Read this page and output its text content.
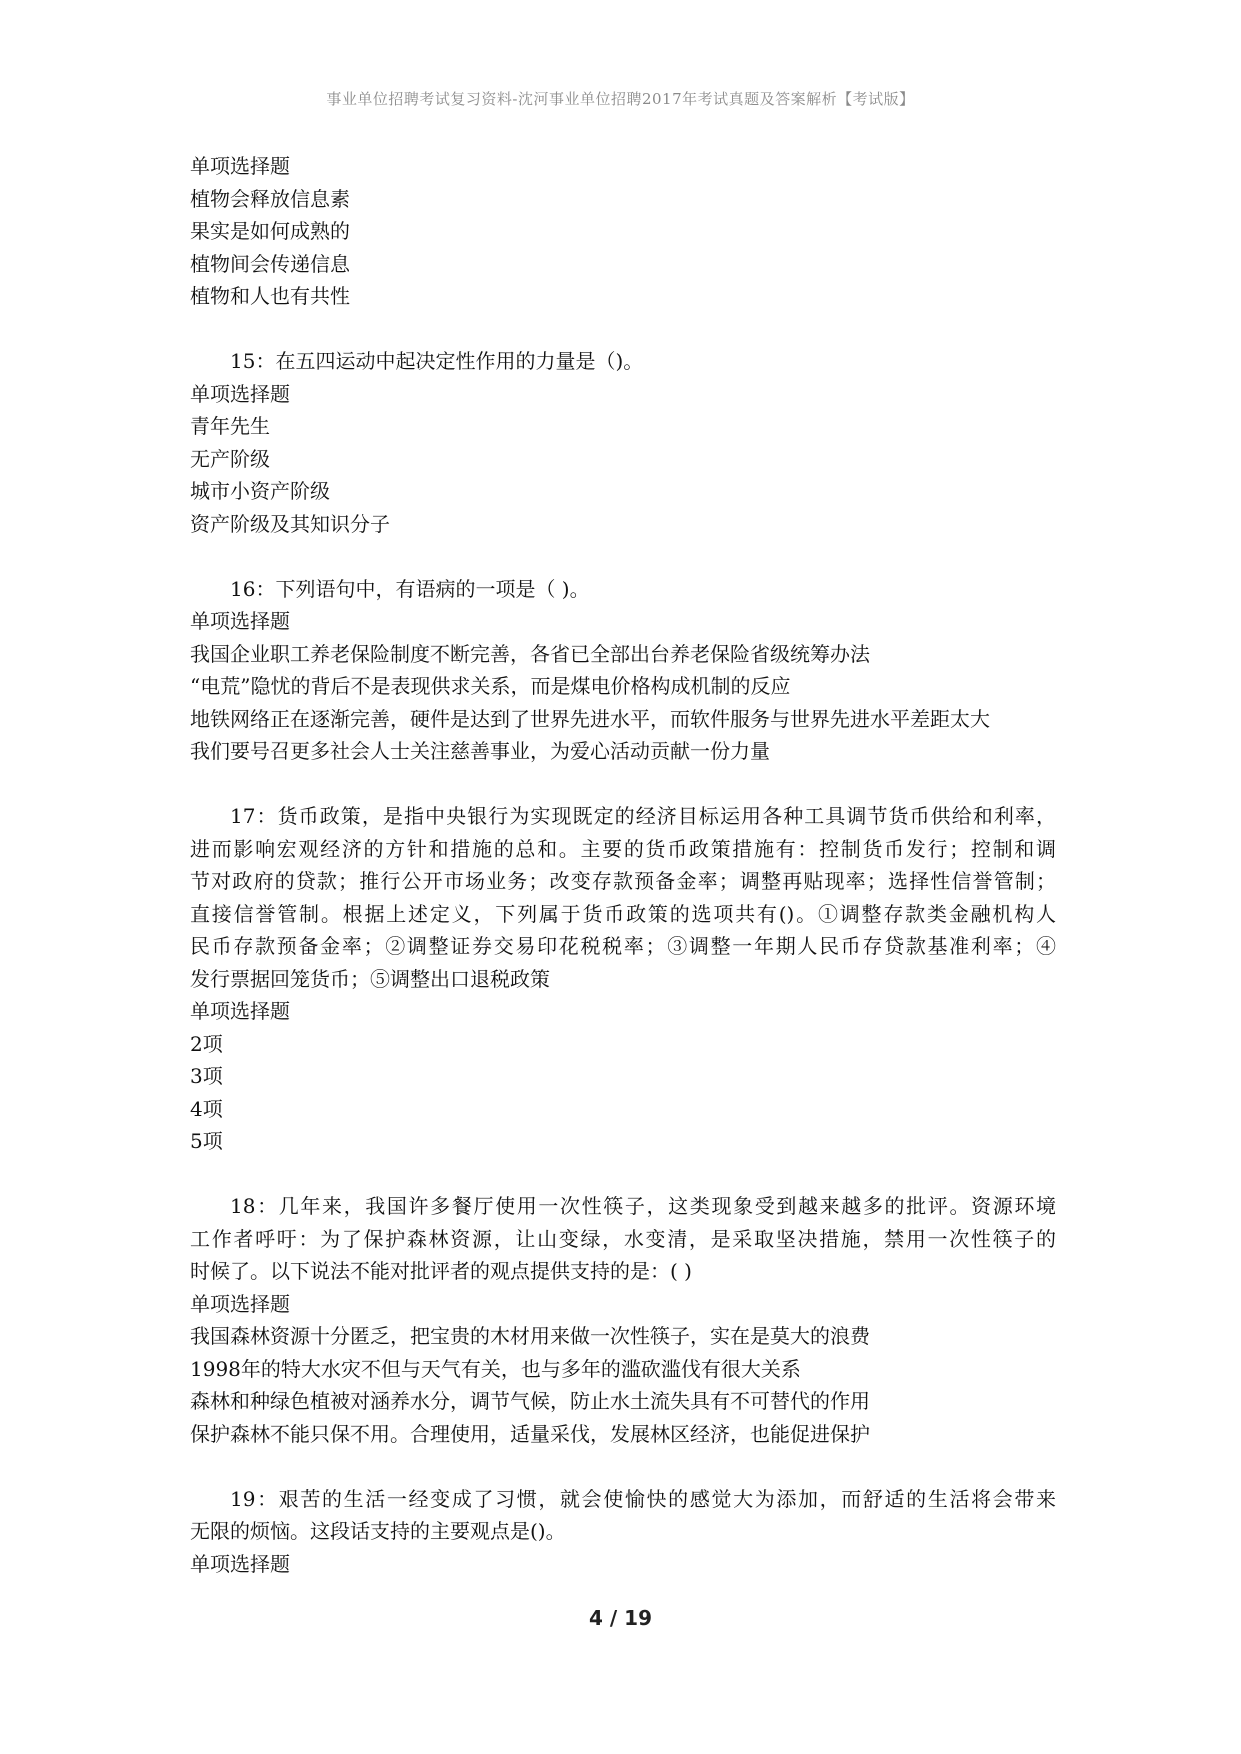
事业单位招聘考试复习资料-沈河事业单位招聘2017年考试真题及答案解析【考试版】
单项选择题
植物会释放信息素
果实是如何成熟的
植物间会传递信息
植物和人也有共性
15：在五四运动中起决定性作用的力量是（)。
单项选择题
青年先生
无产阶级
城市小资产阶级
资产阶级及其知识分子
16：下列语句中，有语病的一项是（ )。
单项选择题
我国企业职工养老保险制度不断完善，各省已全部出台养老保险省级统筹办法
“电荒”隐忧的背后不是表现供求关系，而是煤电价格构成机制的反应
地铁网络正在逐渐完善，硬件是达到了世界先进水平，而软件服务与世界先进水平差距太大
我们要号召更多社会人士关注慈善事业，为爱心活动贡献一份力量
17：货币政策，是指中央银行为实现既定的经济目标运用各种工具调节货币供给和利率，
进而影响宏观经济的方针和措施的总和。主要的货币政策措施有：控制货币发行；控制和调
节对政府的贷款；推行公开市场业务；改变存款预备金率；调整再贴现率；选择性信誉管制；
直接信誉管制。根据上述定义，下列属于货币政策的选项共有()。①调整存款类金融机构人
民币存款预备金率；②调整证券交易印花税税率；③调整一年期人民币存贷款基准利率；④
发行票据回笼货币；⑤调整出口退税政策
单项选择题
2项
3项
4项
5项
18：几年来，我国许多餐厅使用一次性筷子，这类现象受到越来越多的批评。资源环境
工作者呼吁：为了保护森林资源，让山变绿，水变清，是采取坚决措施，禁用一次性筷子的
时候了。以下说法不能对批评者的观点提供支持的是：( )
单项选择题
我国森林资源十分匿乏，把宝贵的木材用来做一次性筷子，实在是莫大的浪费
1998年的特大水灾不但与天气有关，也与多年的滥砍滥伐有很大关系
森林和种绿色植被对涵养水分，调节气候，防止水土流失具有不可替代的作用
保护森林不能只保不用。合理使用，适量采伐，发展林区经济，也能促进保护
19：艰苦的生活一经变成了习惯，就会使愉快的感觉大为添加，而舒适的生活将会带来
无限的烦恼。这段话支持的主要观点是()。
单项选择题
4 / 19
